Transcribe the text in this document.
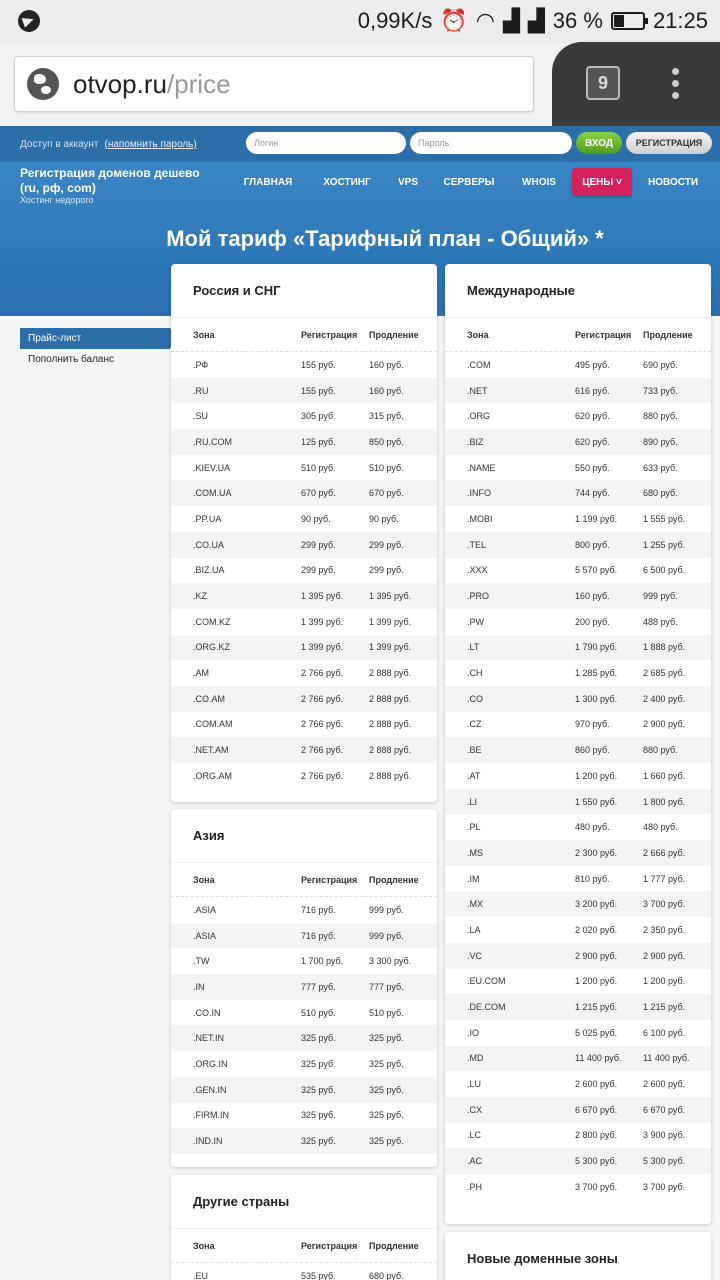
0,99K/s ⏰ ◠ ▟ ▟ 36 % 21:25
otvop.ru/price	9
Доступ в аккаунт (напомнить пароль)	Логин	Пароль	ВХОД	РЕГИСТРАЦИЯ
Регистрация доменов дешево (ru, рф, com)
Хостинг недорого
ГЛАВНАЯ	ХОСТИНГ	VPS	СЕРВЕРЫ	WHOIS	ЦЕНЫ ˅	НОВОСТИ
Мой тариф «Тарифный план - Общий» *
Прайс-лист
Пополнить баланс
Россия и СНГ
Зона	Регистрация	Продление
.РФ	155 руб.	160 руб.
.RU	155 руб.	160 руб.
.SU	305 руб.	315 руб.
.RU.COM	125 руб.	850 руб.
.KIEV.UA	510 руб.	510 руб.
.COM.UA	670 руб.	670 руб.
.PP.UA	90 руб.	90 руб.
.CO.UA	299 руб.	299 руб.
.BIZ.UA	299 руб.	299 руб.
.KZ	1 395 руб.	1 395 руб.
.COM.KZ	1 399 руб.	1 399 руб.
.ORG.KZ	1 399 руб.	1 399 руб.
.AM	2 766 руб.	2 888 руб.
.CO.AM	2 766 руб.	2 888 руб.
.COM.AM	2 766 руб.	2 888 руб.
.NET.AM	2 766 руб.	2 888 руб.
.ORG.AM	2 766 руб.	2 888 руб.
Азия
Зона	Регистрация	Продление
.ASIA	716 руб.	999 руб.
.ASIA	716 руб.	999 руб.
.TW	1 700 руб.	3 300 руб.
.IN	777 руб.	777 руб.
.CO.IN	510 руб.	510 руб.
.NET.IN	325 руб.	325 руб.
.ORG.IN	325 руб.	325 руб.
.GEN.IN	325 руб.	325 руб.
.FIRM.IN	325 руб.	325 руб.
.IND.IN	325 руб.	325 руб.
Другие страны
Зона	Регистрация	Продление
.EU	535 руб.	680 руб.
Международные
Зона	Регистрация	Продление
.COM	495 руб.	690 руб.
.NET	616 руб.	733 руб.
.ORG	620 руб.	880 руб.
.BIZ	620 руб.	890 руб.
.NAME	550 руб.	633 руб.
.INFO	744 руб.	680 руб.
.MOBI	1 199 руб.	1 555 руб.
.TEL	800 руб.	1 255 руб.
.XXX	5 570 руб.	6 500 руб.
.PRO	160 руб.	999 руб.
.PW	200 руб.	488 руб.
.LT	1 790 руб.	1 888 руб.
.CH	1 285 руб.	2 685 руб.
.CO	1 300 руб.	2 400 руб.
.CZ	970 руб.	2 900 руб.
.BE	860 руб.	880 руб.
.AT	1 200 руб.	1 660 руб.
.LI	1 550 руб.	1 800 руб.
.PL	480 руб.	480 руб.
.MS	2 300 руб.	2 666 руб.
.IM	810 руб.	1 777 руб.
.MX	3 200 руб.	3 700 руб.
.LA	2 020 руб.	2 350 руб.
.VC	2 900 руб.	2 900 руб.
.EU.COM	1 200 руб.	1 200 руб.
.DE.COM	1 215 руб.	1 215 руб.
.IO	5 025 руб.	6 100 руб.
.MD	11 400 руб.	11 400 руб.
.LU	2 600 руб.	2 600 руб.
.CX	6 670 руб.	6 670 руб.
.LC	2 800 руб.	3 900 руб.
.AC	5 300 руб.	5 300 руб.
.PH	3 700 руб.	3 700 руб.
Новые доменные зоны
